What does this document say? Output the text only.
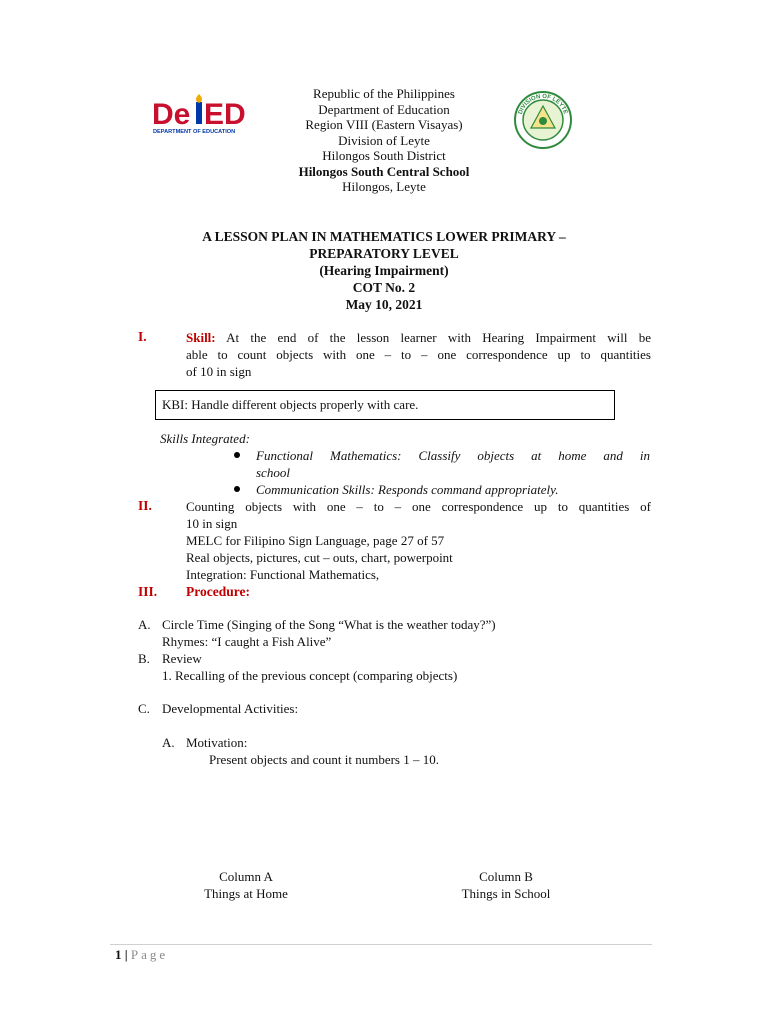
De ED
DEPARTMENT OF EDUCATION
DIVISION OF LEYTE
Republic of the Philippines
Department of Education
Region VIII (Eastern Visayas)
Division of Leyte
Hilongos South District
Hilongos South Central School
Hilongos, Leyte
A LESSON PLAN IN MATHEMATICS LOWER PRIMARY –
PREPARATORY LEVEL
(Hearing Impairment)
COT No. 2
May 10, 2021
I.	Skill: At the end of the lesson learner with Hearing Impairment will be
able to count objects with one – to – one correspondence up to quantities
of 10 in sign
KBI: Handle different objects properly with care.
Skills Integrated:
Functional Mathematics: Classify objects at home and in
school
Communication Skills: Responds command appropriately.
II.	Counting objects with one – to – one correspondence up to quantities of
10 in sign
MELC for Filipino Sign Language, page 27 of 57
Real objects, pictures, cut – outs, chart, powerpoint
Integration: Functional Mathematics,
III. Procedure:
A. Circle Time (Singing of the Song “What is the weather today?”)
Rhymes: “I caught a Fish Alive”
B. Review
1. Recalling of the previous concept (comparing objects)
C. Developmental Activities:
A. Motivation:
Present objects and count it numbers 1 – 10.
Column A
Things at Home
Column B
Things in School
1 | Page
